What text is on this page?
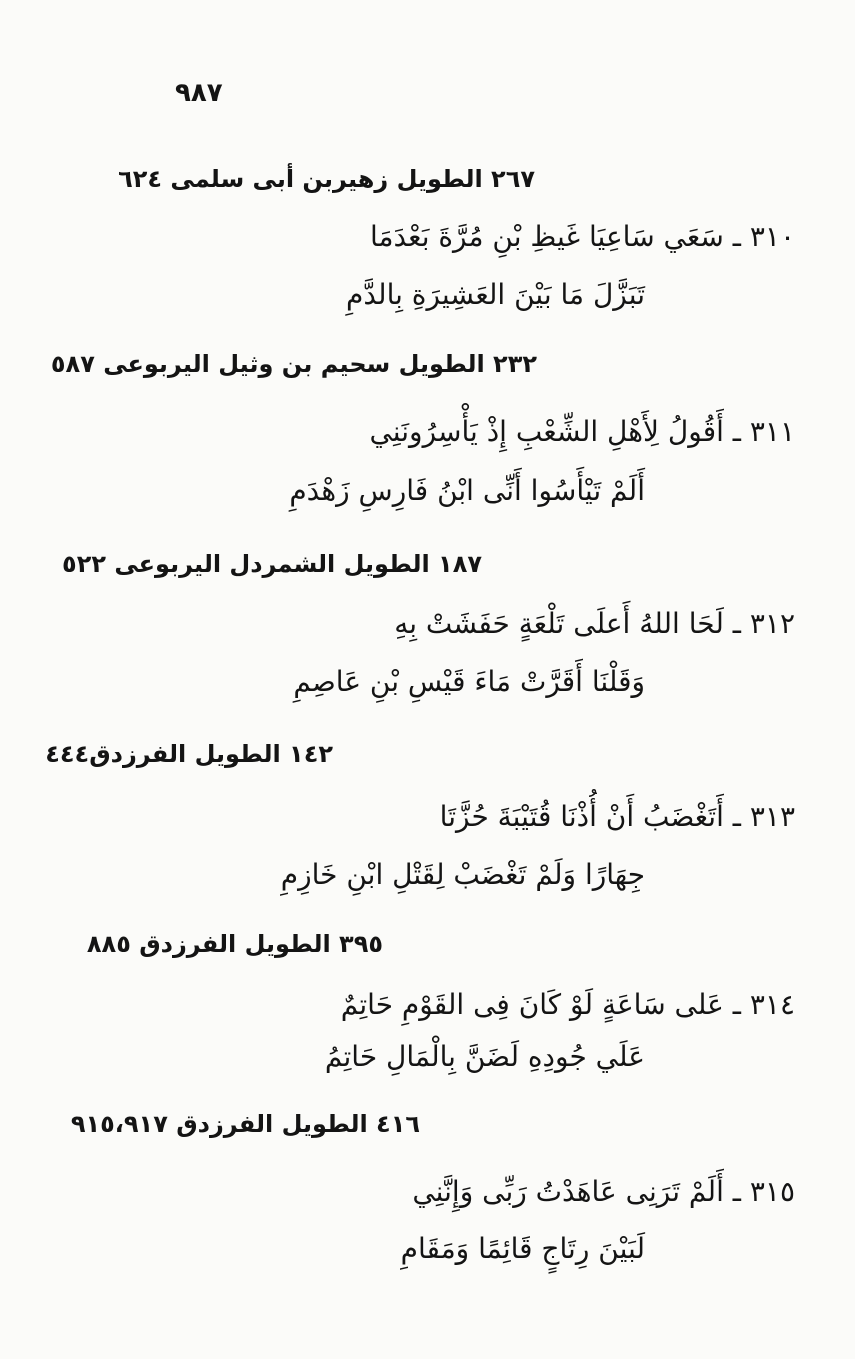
٩٨٧
٢٦٧ الطويل زهيربن أبى سلمى ٦٢٤
٣١٠ ـ سَعَي سَاعِيَا غَيظِ بْنِ مُرَّةَ بَعْدَمَا
تَبَزَّلَ مَا بَيْنَ العَشِيرَةِ بِالدَّمِ
٢٣٢ الطويل سحيم بن وثيل اليربوعى ٥٨٧
٣١١ ـ أَقُولُ لِأَهْلِ الشِّعْبِ إِذْ يَأْسِرُونَنِي
أَلَمْ تَيْأَسُوا أَنِّى ابْنُ فَارِسِ زَهْدَمِ
١٨٧ الطويل الشمردل اليربوعى ٥٢٢
٣١٢ ـ لَحَا اللهُ أَعلَى تَلْعَةٍ حَفَشَتْ بِهِ
وَقَلْنَا أَقَرَّتْ مَاءَ قَيْسِ بْنِ عَاصِمِ
١٤٢ الطويل الفرزدق٤٤٤
٣١٣ ـ أَتَغْضَبُ أَنْ أُذْنَا قُتَيْبَةَ حُزَّتَا
جِهَارًا وَلَمْ تَغْضَبْ لِقَتْلِ ابْنِ خَازِمِ
٣٩٥ الطويل الفرزدق ٨٨٥
٣١٤ ـ عَلى سَاعَةٍ لَوْ كَانَ فِى القَوْمِ حَاتِمٌ
عَلَي جُودِهِ لَضَنَّ بِالْمَالِ حَاتِمُ
٤١٦ الطويل الفرزدق ٩١٥،٩١٧
٣١٥ ـ أَلَمْ تَرَنِى عَاهَدْتُ رَبِّى وَإِنَّنِي
لَبَيْنَ رِتَاجٍ قَائِمًا وَمَقَامِ
